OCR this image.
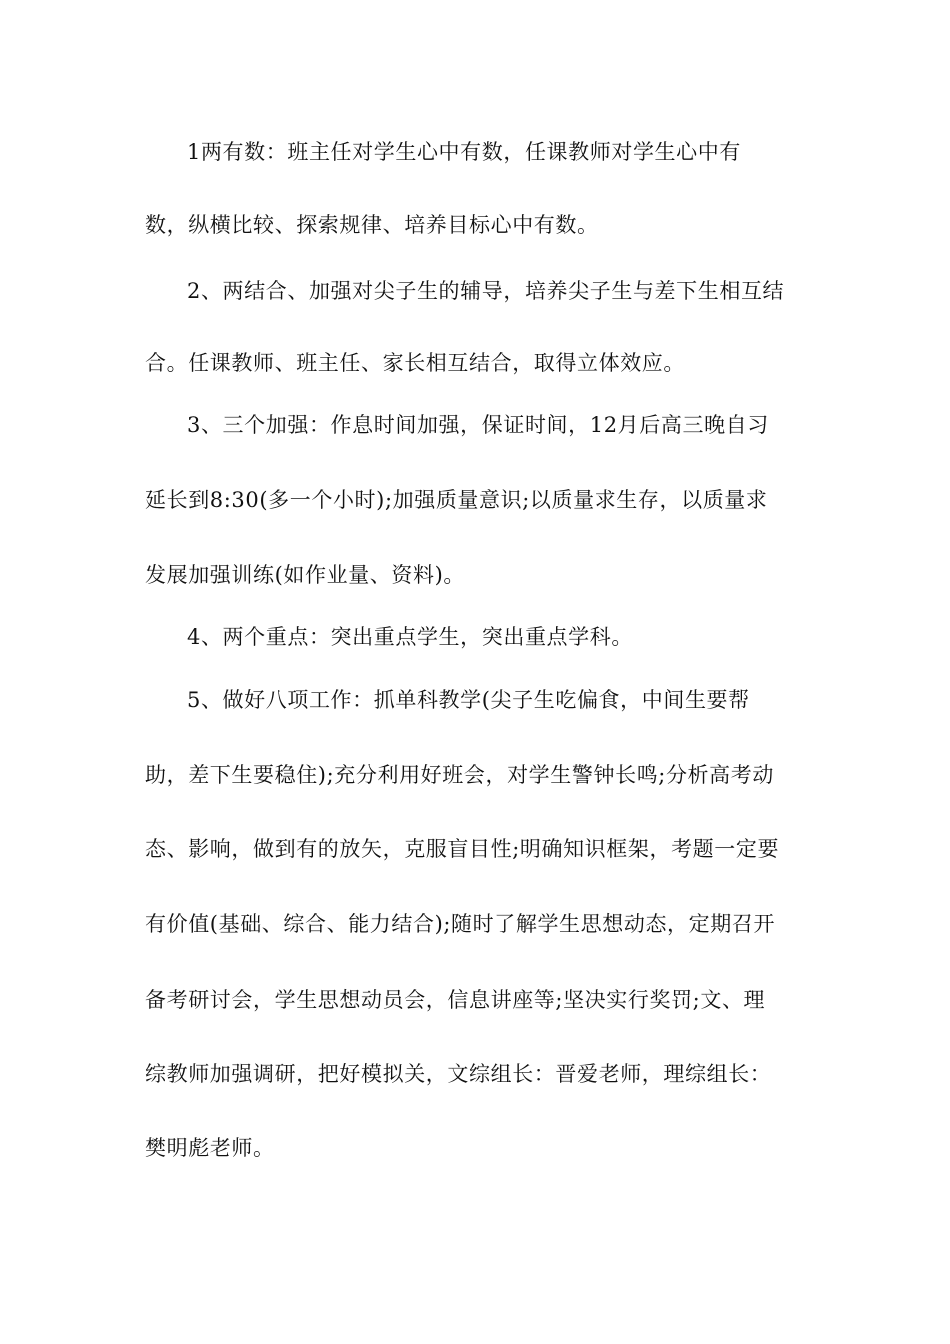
1两有数：班主任对学生心中有数，任课教师对学生心中有
数，纵横比较、探索规律、培养目标心中有数。
2、两结合、加强对尖子生的辅导，培养尖子生与差下生相互结
合。任课教师、班主任、家长相互结合，取得立体效应。
3、三个加强：作息时间加强，保证时间，12月后高三晚自习
延长到8:30(多一个小时);加强质量意识;以质量求生存，以质量求
发展加强训练(如作业量、资料)。
4、两个重点：突出重点学生，突出重点学科。
5、做好八项工作：抓单科教学(尖子生吃偏食，中间生要帮
助，差下生要稳住);充分利用好班会，对学生警钟长鸣;分析高考动
态、影响，做到有的放矢，克服盲目性;明确知识框架，考题一定要
有价值(基础、综合、能力结合);随时了解学生思想动态，定期召开
备考研讨会，学生思想动员会，信息讲座等;坚决实行奖罚;文、理
综教师加强调研，把好模拟关，文综组长：晋爱老师，理综组长：
樊明彪老师。
